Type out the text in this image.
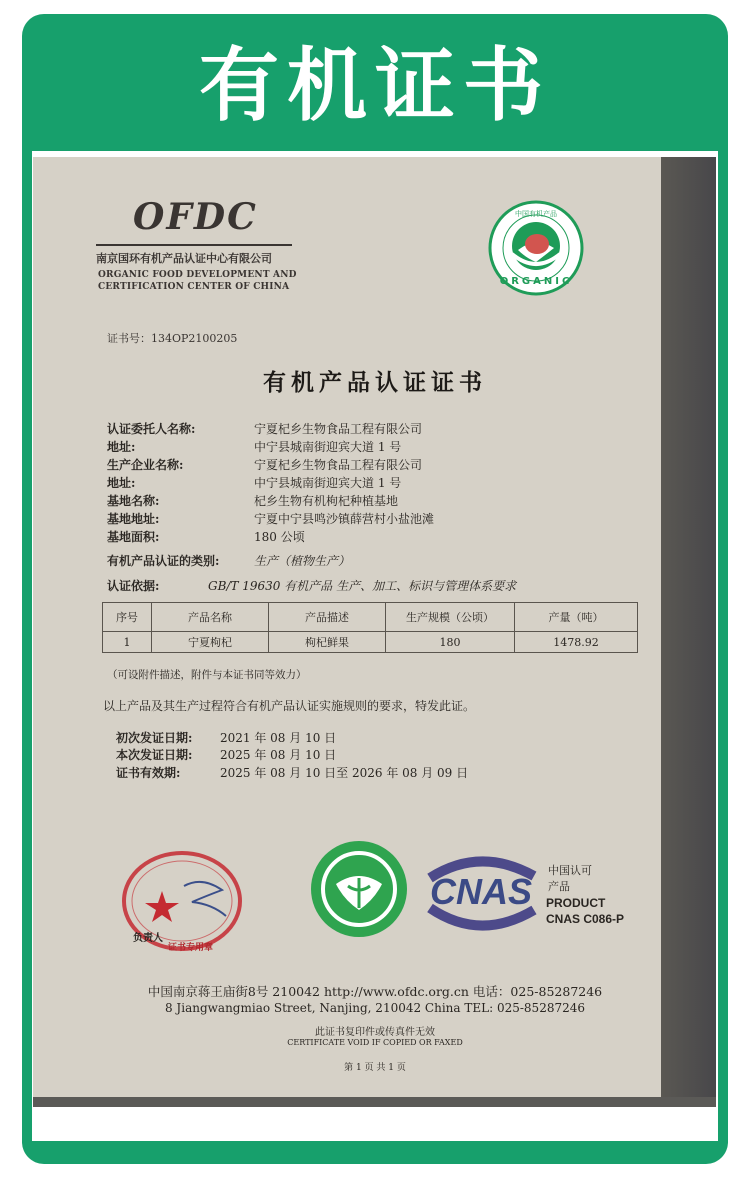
有机证书
OFDC
南京国环有机产品认证中心有限公司
ORGANIC FOOD DEVELOPMENT AND
CERTIFICATION CENTER OF CHINA	ORGANIC
中国有机产品
证书号：134OP2100205
有机产品认证证书
认证委托人名称:	宁夏杞乡生物食品工程有限公司
地址:	中宁县城南街迎宾大道 1 号
生产企业名称:	宁夏杞乡生物食品工程有限公司
地址:	中宁县城南街迎宾大道 1 号
基地名称:	杞乡生物有机枸杞种植基地
基地地址:	宁夏中宁县鸣沙镇薛营村小盐池滩
基地面积:	180 公顷
有机产品认证的类别:	生产（植物生产）
认证依据:	GB/T 19630 有机产品 生产、加工、标识与管理体系要求
序号	产品名称	产品描述	生产规模（公顷）	产量（吨）
1	宁夏枸杞	枸杞鲜果	180	1478.92
（可设附件描述，附件与本证书同等效力）
以上产品及其生产过程符合有机产品认证实施规则的要求，特发此证。
初次发证日期: 2021 年 08 月 10 日
本次发证日期: 2025 年 08 月 10 日
证书有效期:	2025 年 08 月 10 日至 2026 年 08 月 09 日
负责人
证书专用章
CNAS
中国认可
产品
PRODUCT
CNAS C086-P
中国南京蒋王庙街8号 210042 http://www.ofdc.org.cn 电话：025-85287246
8 Jiangwangmiao Street, Nanjing, 210042 China TEL: 025-85287246
此证书复印件或传真件无效
CERTIFICATE VOID IF COPIED OR FAXED
第 1 页 共 1 页
